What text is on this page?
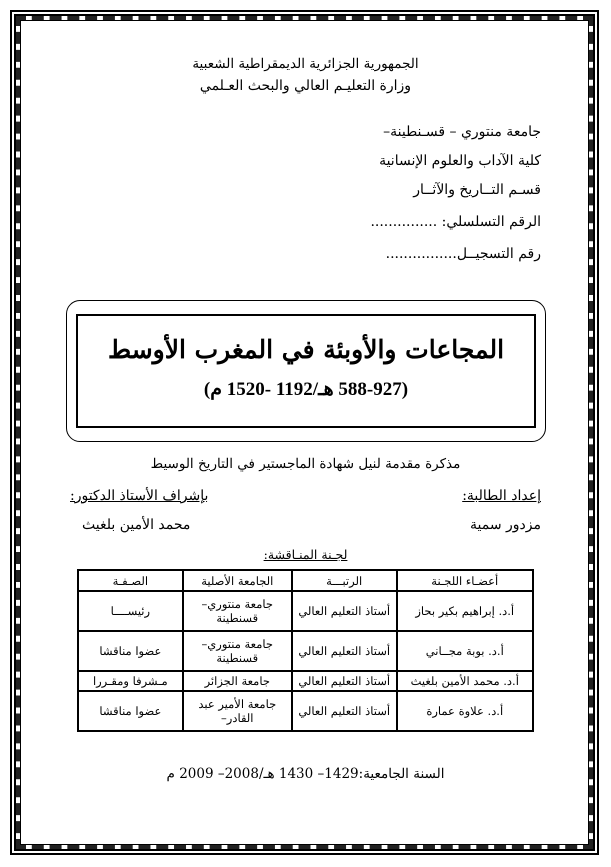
الجمهورية الجزائرية الديمقراطية الشعبية
وزارة التعليـم العالي والبحث العـلمي
جامعة منتوري – قسـنطينة–
كلية الآداب والعلوم الإنسانية
قسـم التــاريخ والآثــار
الرقم التسلسلي: ...............
رقم التسجيــل................
المجاعات والأوبئة في المغرب الأوسط
(588-927 هـ/1192 -1520 م)
مذكرة مقدمة لنيل شهادة الماجستير في التاريخ الوسيط
إعداد الطالبة:
مزدور سمية
بإشراف الأستاذ الدكتور:
محمد الأمين بلغيث
لجـنة المنـاقشة:
أعضـاء اللجـنة	الرتبـــة	الجامعة الأصلية	الصـفـة
أ.د. إبراهيم بكير بحاز	أستاذ التعليم العالي	جامعة منتوري– قسنطينة	رئيســــا
أ.د. بوبة مجــاني	أستاذ التعليم العالي	جامعة منتوري– قسنطينة	عضوا مناقشا
أ.د. محمد الأمين بلغيث	أستاذ التعليم العالي	جامعة الجزائر	مـشرفا ومقـررا
أ.د. علاوة عمارة	أستاذ التعليم العالي	جامعة الأمير عبد القادر–	عضوا مناقشا
السنة الجامعية:1429– 1430 هـ/2008– 2009 م
